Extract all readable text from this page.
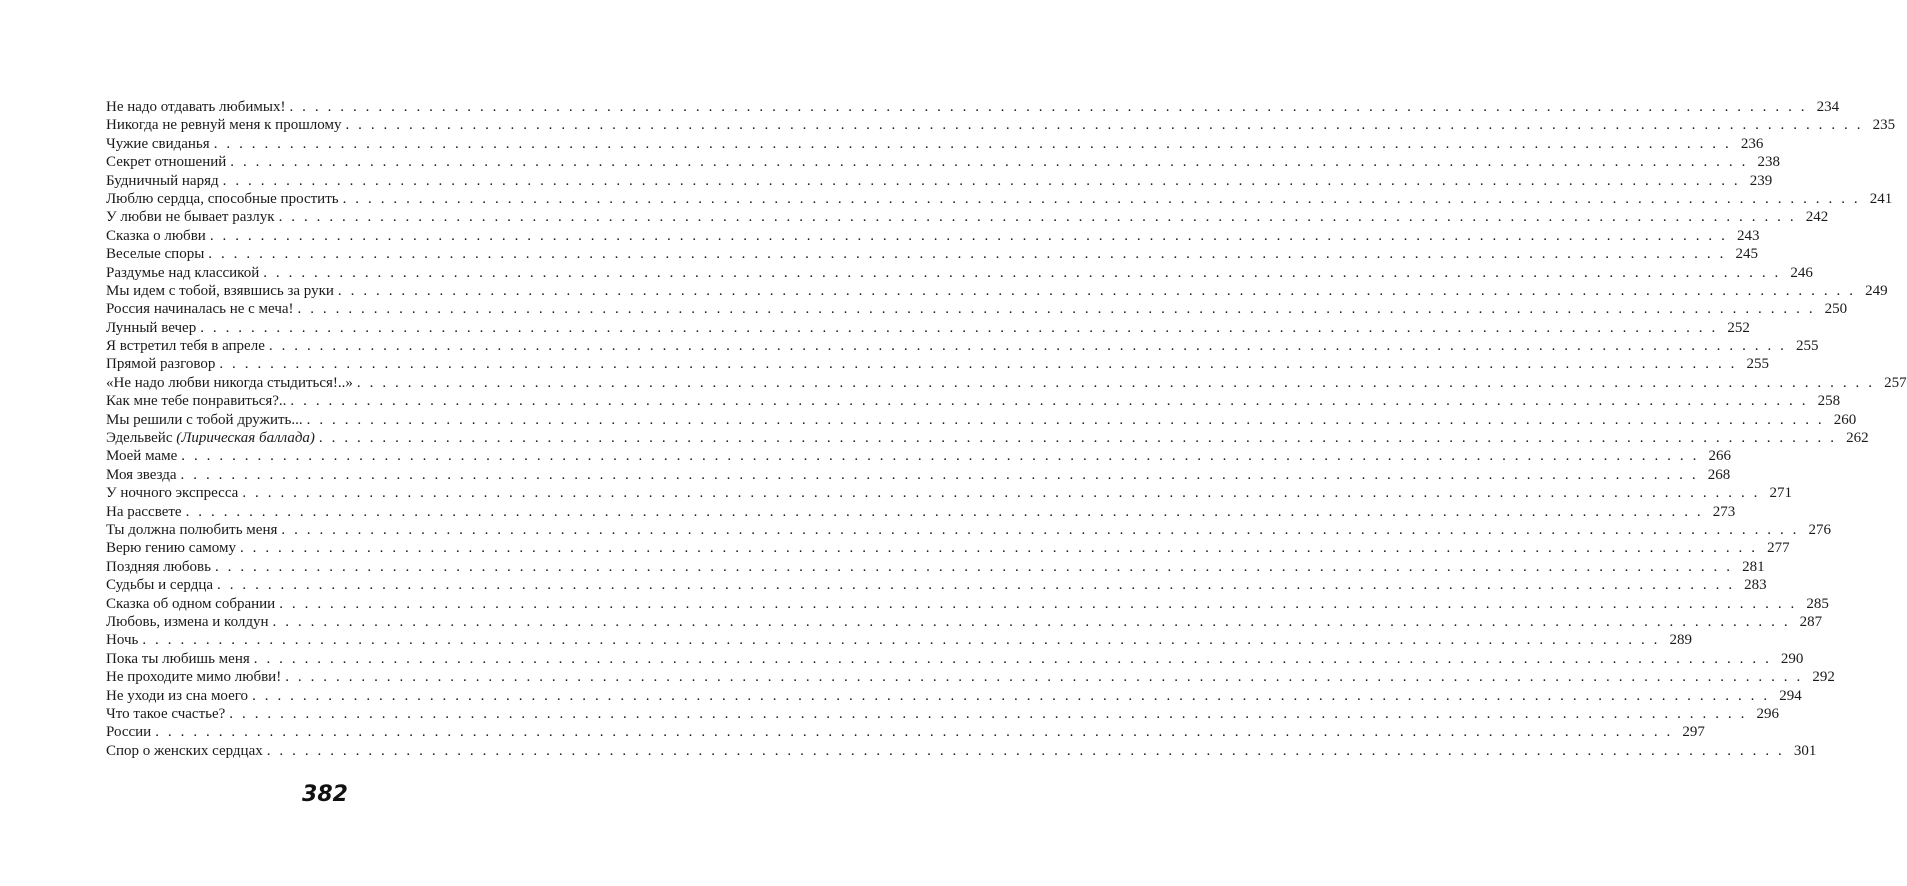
Не надо отдавать любимых! . . . . . . . . . . . . . . . . . . . . . . . . . . . . . . . . . . . . . . . . . . . . . . . . . . . . . . . . . . . . . . . . . . . . . . . . . . . . . . . . . . . . . . . . . . . . . . . . . . . . . . . . . . . . . . . . . . . . . . . . 234
Никогда не ревнуй меня к прошлому . . . . . . . . . . . . . . . . . . . . . . . . . . . . . . . . . . . . . . . . . . . . . . . . . . . . . . . . . . . . . . . . . . . . . . . . . . . . . . . . . . . . . . . . . . . . . . . . . . . . . . . . . . . . . . . . . . . . . . . . 235
Чужие свиданья . . . . . . . . . . . . . . . . . . . . . . . . . . . . . . . . . . . . . . . . . . . . . . . . . . . . . . . . . . . . . . . . . . . . . . . . . . . . . . . . . . . . . . . . . . . . . . . . . . . . . . . . . . . . . . . . . . . . . . . . 236
Секрет отношений . . . . . . . . . . . . . . . . . . . . . . . . . . . . . . . . . . . . . . . . . . . . . . . . . . . . . . . . . . . . . . . . . . . . . . . . . . . . . . . . . . . . . . . . . . . . . . . . . . . . . . . . . . . . . . . . . . . . . . . . 238
Будничный наряд . . . . . . . . . . . . . . . . . . . . . . . . . . . . . . . . . . . . . . . . . . . . . . . . . . . . . . . . . . . . . . . . . . . . . . . . . . . . . . . . . . . . . . . . . . . . . . . . . . . . . . . . . . . . . . . . . . . . . . . . 239
Люблю сердца, способные простить . . . . . . . . . . . . . . . . . . . . . . . . . . . . . . . . . . . . . . . . . . . . . . . . . . . . . . . . . . . . . . . . . . . . . . . . . . . . . . . . . . . . . . . . . . . . . . . . . . . . . . . . . . . . . . . . . . . . . . . . 241
У любви не бывает разлук . . . . . . . . . . . . . . . . . . . . . . . . . . . . . . . . . . . . . . . . . . . . . . . . . . . . . . . . . . . . . . . . . . . . . . . . . . . . . . . . . . . . . . . . . . . . . . . . . . . . . . . . . . . . . . . . . . . . . . . . 242
Сказка о любви . . . . . . . . . . . . . . . . . . . . . . . . . . . . . . . . . . . . . . . . . . . . . . . . . . . . . . . . . . . . . . . . . . . . . . . . . . . . . . . . . . . . . . . . . . . . . . . . . . . . . . . . . . . . . . . . . . . . . . . . 243
Веселые споры . . . . . . . . . . . . . . . . . . . . . . . . . . . . . . . . . . . . . . . . . . . . . . . . . . . . . . . . . . . . . . . . . . . . . . . . . . . . . . . . . . . . . . . . . . . . . . . . . . . . . . . . . . . . . . . . . . . . . . . . 245
Раздумье над классикой . . . . . . . . . . . . . . . . . . . . . . . . . . . . . . . . . . . . . . . . . . . . . . . . . . . . . . . . . . . . . . . . . . . . . . . . . . . . . . . . . . . . . . . . . . . . . . . . . . . . . . . . . . . . . . . . . . . . . . . . 246
Мы идем с тобой, взявшись за руки . . . . . . . . . . . . . . . . . . . . . . . . . . . . . . . . . . . . . . . . . . . . . . . . . . . . . . . . . . . . . . . . . . . . . . . . . . . . . . . . . . . . . . . . . . . . . . . . . . . . . . . . . . . . . . . . . . . . . . . . 249
Россия начиналась не с меча! . . . . . . . . . . . . . . . . . . . . . . . . . . . . . . . . . . . . . . . . . . . . . . . . . . . . . . . . . . . . . . . . . . . . . . . . . . . . . . . . . . . . . . . . . . . . . . . . . . . . . . . . . . . . . . . . . . . . . . . . 250
Лунный вечер . . . . . . . . . . . . . . . . . . . . . . . . . . . . . . . . . . . . . . . . . . . . . . . . . . . . . . . . . . . . . . . . . . . . . . . . . . . . . . . . . . . . . . . . . . . . . . . . . . . . . . . . . . . . . . . . . . . . . . . . 252
Я встретил тебя в апреле . . . . . . . . . . . . . . . . . . . . . . . . . . . . . . . . . . . . . . . . . . . . . . . . . . . . . . . . . . . . . . . . . . . . . . . . . . . . . . . . . . . . . . . . . . . . . . . . . . . . . . . . . . . . . . . . . . . . . . . . 255
Прямой разговор . . . . . . . . . . . . . . . . . . . . . . . . . . . . . . . . . . . . . . . . . . . . . . . . . . . . . . . . . . . . . . . . . . . . . . . . . . . . . . . . . . . . . . . . . . . . . . . . . . . . . . . . . . . . . . . . . . . . . . . . 255
«Не надо любви никогда стыдиться!..» . . . . . . . . . . . . . . . . . . . . . . . . . . . . . . . . . . . . . . . . . . . . . . . . . . . . . . . . . . . . . . . . . . . . . . . . . . . . . . . . . . . . . . . . . . . . . . . . . . . . . . . . . . . . . . . . . . . . . . . . 257
Как мне тебе понравиться?.. . . . . . . . . . . . . . . . . . . . . . . . . . . . . . . . . . . . . . . . . . . . . . . . . . . . . . . . . . . . . . . . . . . . . . . . . . . . . . . . . . . . . . . . . . . . . . . . . . . . . . . . . . . . . . . . . . . . . . . . . 258
Мы решили с тобой дружить... . . . . . . . . . . . . . . . . . . . . . . . . . . . . . . . . . . . . . . . . . . . . . . . . . . . . . . . . . . . . . . . . . . . . . . . . . . . . . . . . . . . . . . . . . . . . . . . . . . . . . . . . . . . . . . . . . . . . . . . . 260
Эдельвейс (Лирическая баллада) . . . . . . . . . . . . . . . . . . . . . . . . . . . . . . . . . . . . . . . . . . . . . . . . . . . . . . . . . . . . . . . . . . . . . . . . . . . . . . . . . . . . . . . . . . . . . . . . . . . . . . . . . . . . . . . . . . . . . . . . 262
Моей маме . . . . . . . . . . . . . . . . . . . . . . . . . . . . . . . . . . . . . . . . . . . . . . . . . . . . . . . . . . . . . . . . . . . . . . . . . . . . . . . . . . . . . . . . . . . . . . . . . . . . . . . . . . . . . . . . . . . . . . . . 266
Моя звезда . . . . . . . . . . . . . . . . . . . . . . . . . . . . . . . . . . . . . . . . . . . . . . . . . . . . . . . . . . . . . . . . . . . . . . . . . . . . . . . . . . . . . . . . . . . . . . . . . . . . . . . . . . . . . . . . . . . . . . . . 268
У ночного экспресса . . . . . . . . . . . . . . . . . . . . . . . . . . . . . . . . . . . . . . . . . . . . . . . . . . . . . . . . . . . . . . . . . . . . . . . . . . . . . . . . . . . . . . . . . . . . . . . . . . . . . . . . . . . . . . . . . . . . . . . . 271
На рассвете . . . . . . . . . . . . . . . . . . . . . . . . . . . . . . . . . . . . . . . . . . . . . . . . . . . . . . . . . . . . . . . . . . . . . . . . . . . . . . . . . . . . . . . . . . . . . . . . . . . . . . . . . . . . . . . . . . . . . . . . 273
Ты должна полюбить меня . . . . . . . . . . . . . . . . . . . . . . . . . . . . . . . . . . . . . . . . . . . . . . . . . . . . . . . . . . . . . . . . . . . . . . . . . . . . . . . . . . . . . . . . . . . . . . . . . . . . . . . . . . . . . . . . . . . . . . . . 276
Верю гению самому . . . . . . . . . . . . . . . . . . . . . . . . . . . . . . . . . . . . . . . . . . . . . . . . . . . . . . . . . . . . . . . . . . . . . . . . . . . . . . . . . . . . . . . . . . . . . . . . . . . . . . . . . . . . . . . . . . . . . . . . 277
Поздняя любовь . . . . . . . . . . . . . . . . . . . . . . . . . . . . . . . . . . . . . . . . . . . . . . . . . . . . . . . . . . . . . . . . . . . . . . . . . . . . . . . . . . . . . . . . . . . . . . . . . . . . . . . . . . . . . . . . . . . . . . . . 281
Судьбы и сердца . . . . . . . . . . . . . . . . . . . . . . . . . . . . . . . . . . . . . . . . . . . . . . . . . . . . . . . . . . . . . . . . . . . . . . . . . . . . . . . . . . . . . . . . . . . . . . . . . . . . . . . . . . . . . . . . . . . . . . . . 283
Сказка об одном собрании . . . . . . . . . . . . . . . . . . . . . . . . . . . . . . . . . . . . . . . . . . . . . . . . . . . . . . . . . . . . . . . . . . . . . . . . . . . . . . . . . . . . . . . . . . . . . . . . . . . . . . . . . . . . . . . . . . . . . . . . 285
Любовь, измена и колдун . . . . . . . . . . . . . . . . . . . . . . . . . . . . . . . . . . . . . . . . . . . . . . . . . . . . . . . . . . . . . . . . . . . . . . . . . . . . . . . . . . . . . . . . . . . . . . . . . . . . . . . . . . . . . . . . . . . . . . . . 287
Ночь . . . . . . . . . . . . . . . . . . . . . . . . . . . . . . . . . . . . . . . . . . . . . . . . . . . . . . . . . . . . . . . . . . . . . . . . . . . . . . . . . . . . . . . . . . . . . . . . . . . . . . . . . . . . . . . . . . . . . . . . 289
Пока ты любишь меня . . . . . . . . . . . . . . . . . . . . . . . . . . . . . . . . . . . . . . . . . . . . . . . . . . . . . . . . . . . . . . . . . . . . . . . . . . . . . . . . . . . . . . . . . . . . . . . . . . . . . . . . . . . . . . . . . . . . . . . . 290
Не проходите мимо любви! . . . . . . . . . . . . . . . . . . . . . . . . . . . . . . . . . . . . . . . . . . . . . . . . . . . . . . . . . . . . . . . . . . . . . . . . . . . . . . . . . . . . . . . . . . . . . . . . . . . . . . . . . . . . . . . . . . . . . . . . 292
Не уходи из сна моего . . . . . . . . . . . . . . . . . . . . . . . . . . . . . . . . . . . . . . . . . . . . . . . . . . . . . . . . . . . . . . . . . . . . . . . . . . . . . . . . . . . . . . . . . . . . . . . . . . . . . . . . . . . . . . . . . . . . . . . . 294
Что такое счастье? . . . . . . . . . . . . . . . . . . . . . . . . . . . . . . . . . . . . . . . . . . . . . . . . . . . . . . . . . . . . . . . . . . . . . . . . . . . . . . . . . . . . . . . . . . . . . . . . . . . . . . . . . . . . . . . . . . . . . . . . 296
России . . . . . . . . . . . . . . . . . . . . . . . . . . . . . . . . . . . . . . . . . . . . . . . . . . . . . . . . . . . . . . . . . . . . . . . . . . . . . . . . . . . . . . . . . . . . . . . . . . . . . . . . . . . . . . . . . . . . . . . . 297
Спор о женских сердцах . . . . . . . . . . . . . . . . . . . . . . . . . . . . . . . . . . . . . . . . . . . . . . . . . . . . . . . . . . . . . . . . . . . . . . . . . . . . . . . . . . . . . . . . . . . . . . . . . . . . . . . . . . . . . . . . . . . . . . . . 301
382
